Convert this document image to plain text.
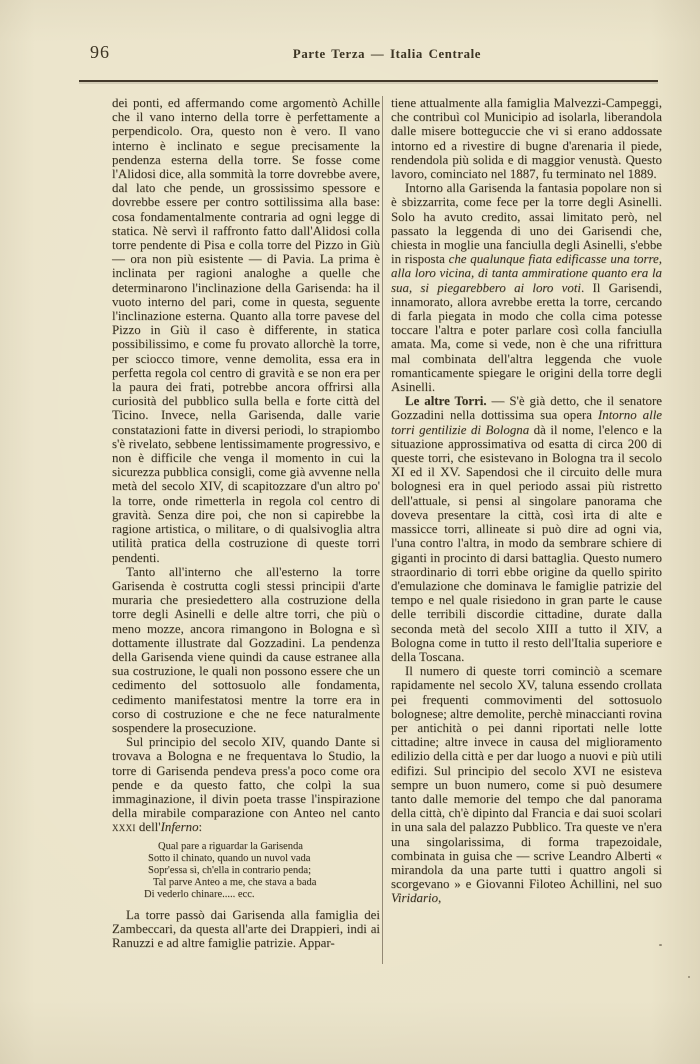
96	Parte Terza — Italia Centrale

dei ponti, ed affermando come argomentò Achille che il vano interno della torre è perfettamente a perpendicolo. Ora, questo non è vero. Il vano interno è inclinato e segue precisamente la pendenza esterna della torre. Se fosse come l'Alidosi dice, alla sommità la torre dovrebbe avere, dal lato che pende, un grossissimo spessore e dovrebbe essere per contro sottilissima alla base: cosa fondamentalmente contraria ad ogni legge di statica. Nè servì il raffronto fatto dall'Alidosi colla torre pendente di Pisa e colla torre del Pizzo in Giù — ora non più esistente — di Pavia. La prima è inclinata per ragioni analoghe a quelle che determinarono l'inclinazione della Garisenda: ha il vuoto interno del pari, come in questa, seguente l'inclinazione esterna. Quanto alla torre pavese del Pizzo in Giù il caso è differente, in statica possibilissimo, e come fu provato allorchè la torre, per sciocco timore, venne demolita, essa era in perfetta regola col centro di gravità e se non era per la paura dei frati, potrebbe ancora offrirsi alla curiosità del pubblico sulla bella e forte città del Ticino. Invece, nella Garisenda, dalle varie constatazioni fatte in diversi periodi, lo strapiombo s'è rivelato, sebbene lentissimamente progressivo, e non è difficile che venga il momento in cui la sicurezza pubblica consigli, come già avvenne nella metà del secolo XIV, di scapitozzare d'un altro po' la torre, onde rimetterla in regola col centro di gravità. Senza dire poi, che non si capirebbe la ragione artistica, o militare, o di qualsivoglia altra utilità pratica della costruzione di queste torri pendenti.

Tanto all'interno che all'esterno la torre Garisenda è costrutta cogli stessi principii d'arte muraria che presiedettero alla costruzione della torre degli Asinelli e delle altre torri, che più o meno mozze, ancora rimangono in Bologna e sì dottamente illustrate dal Gozzadini. La pendenza della Garisenda viene quindi da cause estranee alla sua costruzione, le quali non possono essere che un cedimento del sottosuolo alle fondamenta, cedimento manifestatosi mentre la torre era in corso di costruzione e che ne fece naturalmente sospendere la prosecuzione.

Sul principio del secolo XIV, quando Dante si trovava a Bologna e ne frequentava lo Studio, la torre di Garisenda pendeva press'a poco come ora pende e da questo fatto, che colpì la sua immaginazione, il divin poeta trasse l'inspirazione della mirabile comparazione con Anteo nel canto xxxi dell'Inferno:

Qual pare a riguardar la Garisenda

Sotto il chinato, quando un nuvol vada

Sopr'essa sì, ch'ella in contrario penda;

Tal parve Anteo a me, che stava a bada

Di vederlo chinare..... ecc.

La torre passò dai Garisenda alla famiglia dei Zambeccari, da questa all'arte dei Drappieri, indi ai Ranuzzi e ad altre famiglie patrizie. Appar-

tiene attualmente alla famiglia Malvezzi-Campeggi, che contribuì col Municipio ad isolarla, liberandola dalle misere botteguccie che vi si erano addossate intorno ed a rivestire di bugne d'arenaria il piede, rendendola più solida e di maggior venustà. Questo lavoro, cominciato nel 1887, fu terminato nel 1889.

Intorno alla Garisenda la fantasia popolare non si è sbizzarrita, come fece per la torre degli Asinelli. Solo ha avuto credito, assai limitato però, nel passato la leggenda di uno dei Garisendi che, chiesta in moglie una fanciulla degli Asinelli, s'ebbe in risposta che qualunque fiata edificasse una torre, alla loro vicina, di tanta ammiratione quanto era la sua, si piegarebbero ai loro voti. Il Garisendi, innamorato, allora avrebbe eretta la torre, cercando di farla piegata in modo che colla cima potesse toccare l'altra e poter parlare così colla fanciulla amata. Ma, come si vede, non è che una rifrittura mal combinata dell'altra leggenda che vuole romanticamente spiegare le origini della torre degli Asinelli.

Le altre Torri. — S'è già detto, che il senatore Gozzadini nella dottissima sua opera Intorno alle torri gentilizie di Bologna dà il nome, l'elenco e la situazione approssimativa od esatta di circa 200 di queste torri, che esistevano in Bologna tra il secolo XI ed il XV. Sapendosi che il circuito delle mura bolognesi era in quel periodo assai più ristretto dell'attuale, si pensi al singolare panorama che doveva presentare la città, così irta di alte e massicce torri, allineate si può dire ad ogni via, l'una contro l'altra, in modo da sembrare schiere di giganti in procinto di darsi battaglia. Questo numero straordinario di torri ebbe origine da quello spirito d'emulazione che dominava le famiglie patrizie del tempo e nel quale risiedono in gran parte le cause delle terribili discordie cittadine, durate dalla seconda metà del secolo XIII a tutto il XIV, a Bologna come in tutto il resto dell'Italia superiore e della Toscana.

Il numero di queste torri cominciò a scemare rapidamente nel secolo XV, taluna essendo crollata pei frequenti commovimenti del sottosuolo bolognese; altre demolite, perchè minaccianti rovina per antichità o pei danni riportati nelle lotte cittadine; altre invece in causa del miglioramento edilizio della città e per dar luogo a nuovi e più utili edifizi. Sul principio del secolo XVI ne esisteva sempre un buon numero, come si può desumere tanto dalle memorie del tempo che dal panorama della città, ch'è dipinto dal Francia e dai suoi scolari in una sala del palazzo Pubblico. Tra queste ve n'era una singolarissima, di forma trapezoidale, combinata in guisa che — scrive Leandro Alberti « mirandola da una parte tutti i quattro angoli si scorgevano » e Giovanni Filoteo Achillini, nel suo Viridario,
